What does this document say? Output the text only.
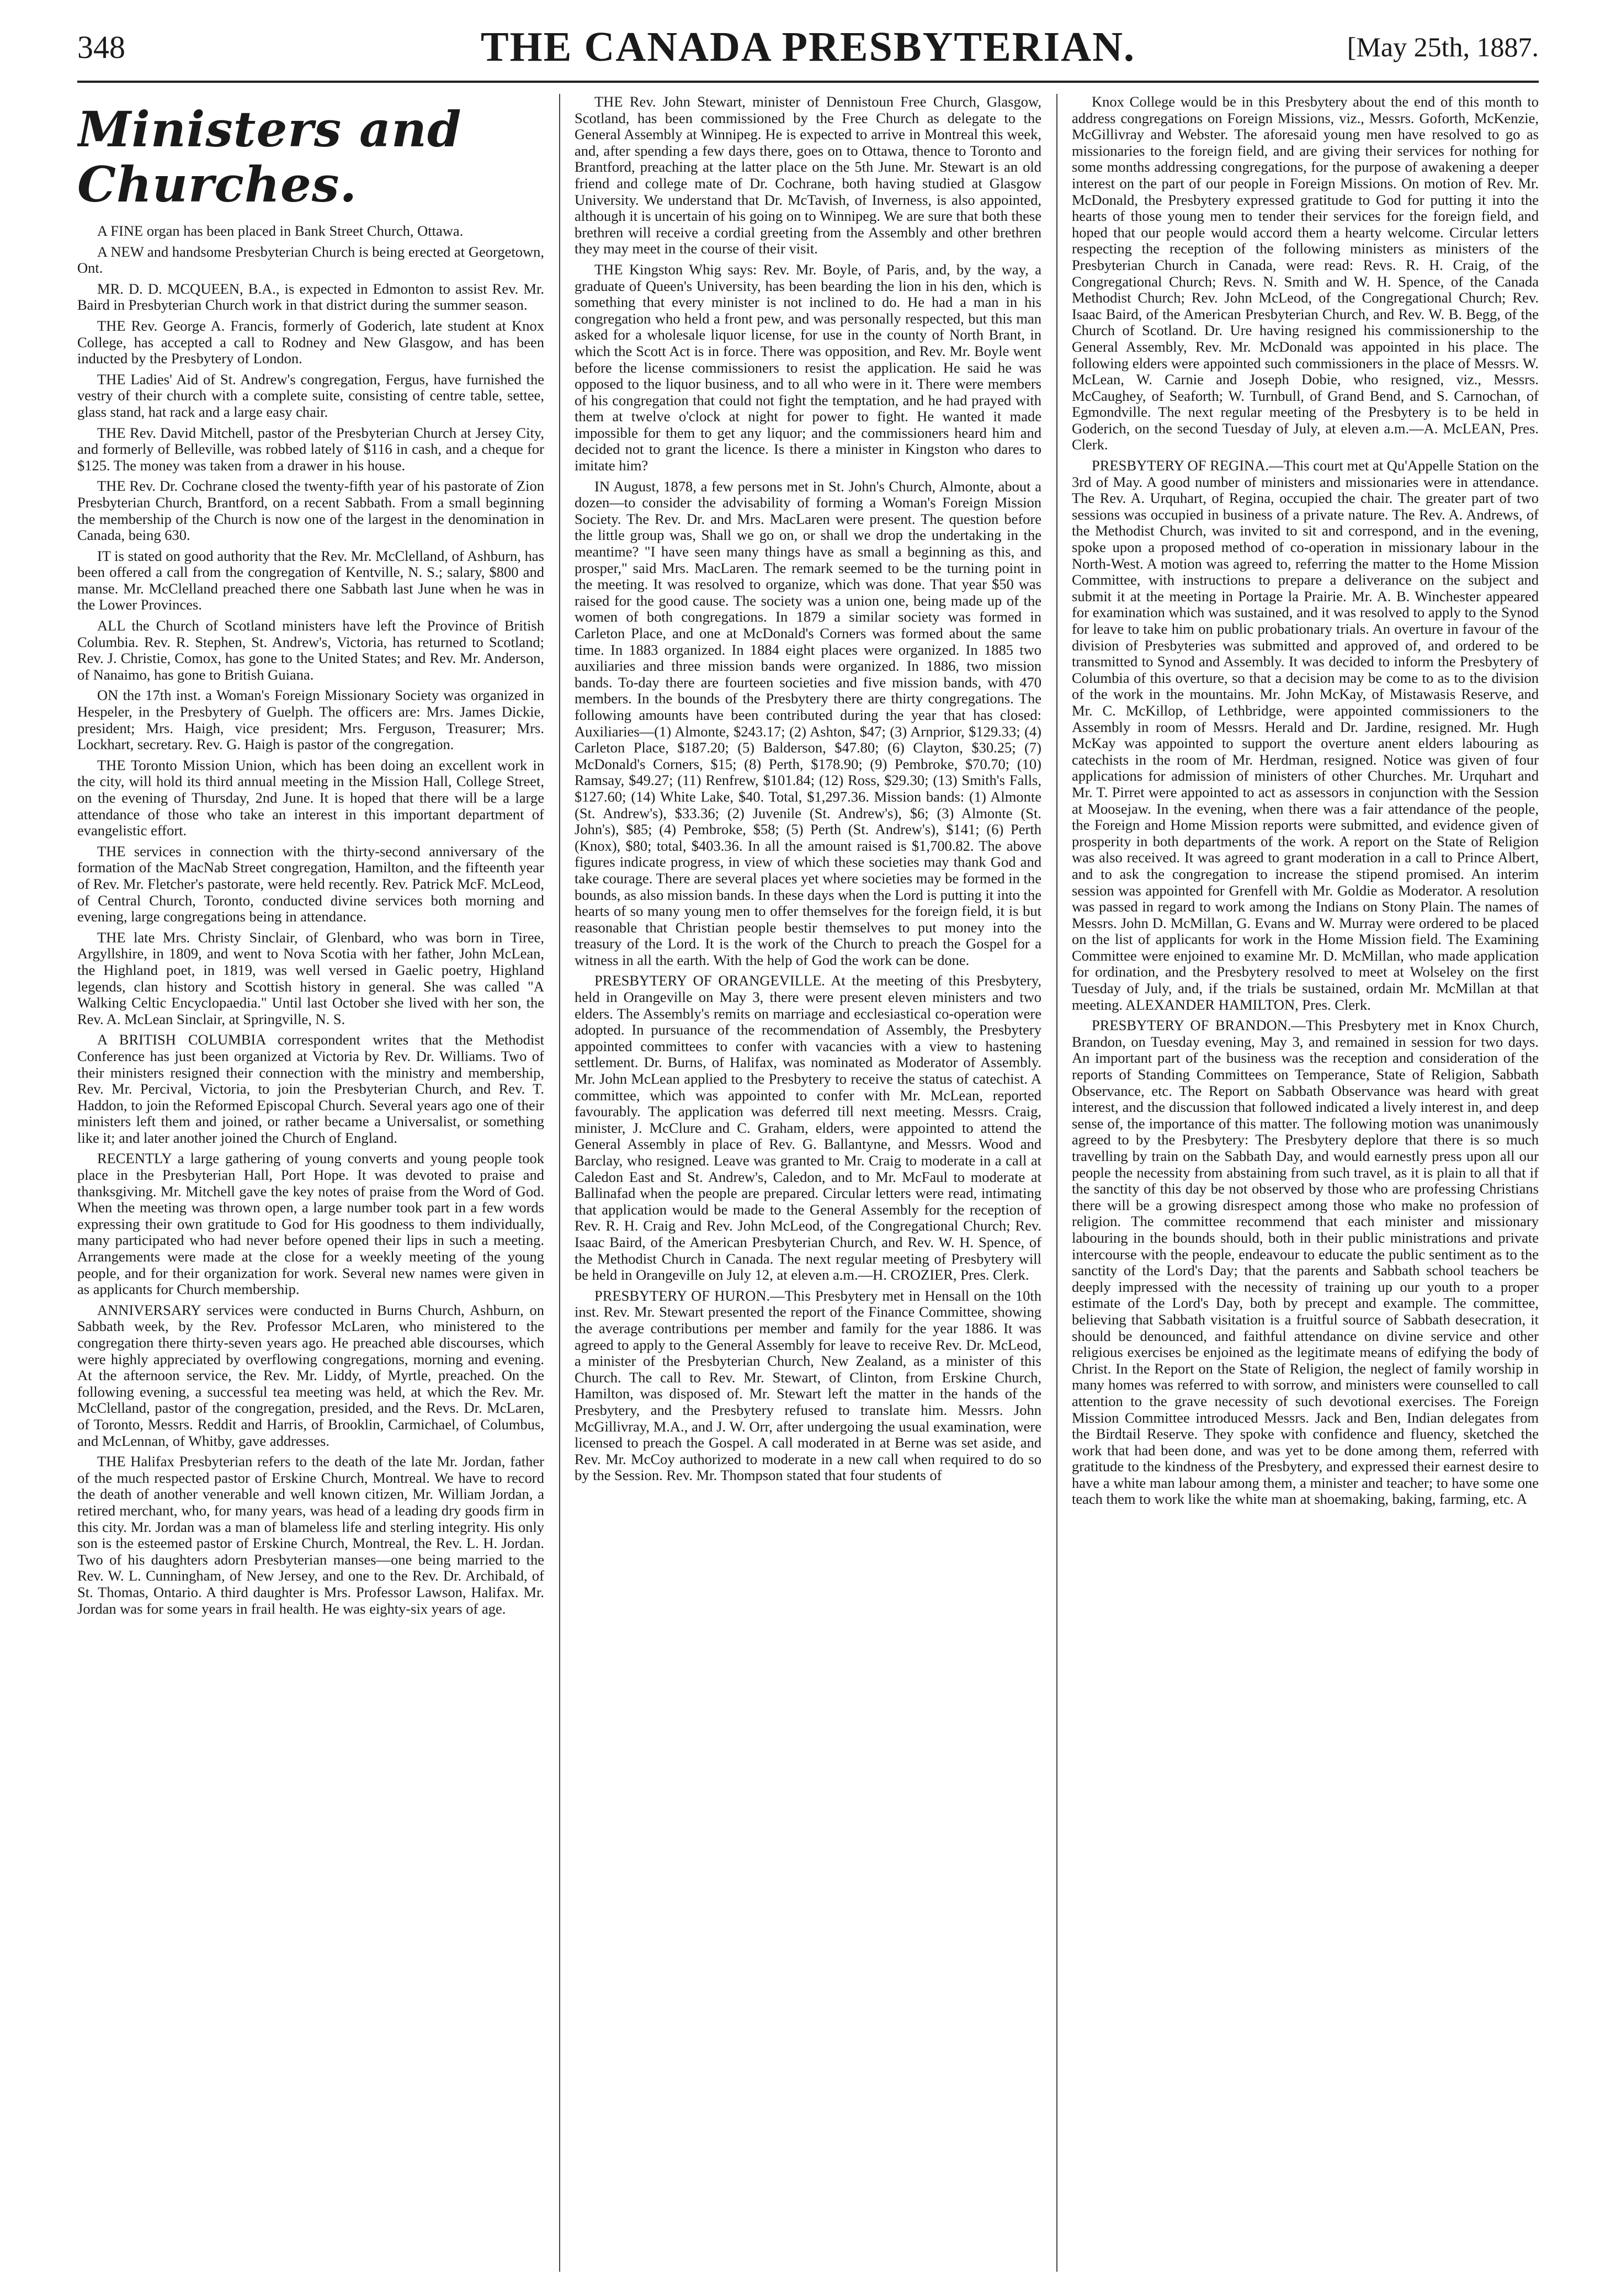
348	THE CANADA PRESBYTERIAN.	[May 25th, 1887.
Ministers and Churches.

A FINE organ has been placed in Bank Street Church, Ottawa.

A NEW and handsome Presbyterian Church is being erected at Georgetown, Ont.

MR. D. D. MCQUEEN, B.A., is expected in Edmonton to assist Rev. Mr. Baird in Presbyterian Church work in that district during the summer season.

THE Rev. George A. Francis, formerly of Goderich, late student at Knox College, has accepted a call to Rodney and New Glasgow, and has been inducted by the Presbytery of London.

THE Ladies' Aid of St. Andrew's congregation, Fergus, have furnished the vestry of their church with a complete suite, consisting of centre table, settee, glass stand, hat rack and a large easy chair.

THE Rev. David Mitchell, pastor of the Presbyterian Church at Jersey City, and formerly of Belleville, was robbed lately of $116 in cash, and a cheque for $125. The money was taken from a drawer in his house.

THE Rev. Dr. Cochrane closed the twenty-fifth year of his pastorate of Zion Presbyterian Church, Brantford, on a recent Sabbath. From a small beginning the membership of the Church is now one of the largest in the denomination in Canada, being 630.

IT is stated on good authority that the Rev. Mr. McClelland, of Ashburn, has been offered a call from the congregation of Kentville, N. S.; salary, $800 and manse. Mr. McClelland preached there one Sabbath last June when he was in the Lower Provinces.

ALL the Church of Scotland ministers have left the Province of British Columbia. Rev. R. Stephen, St. Andrew's, Victoria, has returned to Scotland; Rev. J. Christie, Comox, has gone to the United States; and Rev. Mr. Anderson, of Nanaimo, has gone to British Guiana.

ON the 17th inst. a Woman's Foreign Missionary Society was organized in Hespeler, in the Presbytery of Guelph. The officers are: Mrs. James Dickie, president; Mrs. Haigh, vice president; Mrs. Ferguson, Treasurer; Mrs. Lockhart, secretary. Rev. G. Haigh is pastor of the congregation.

THE Toronto Mission Union, which has been doing an excellent work in the city, will hold its third annual meeting in the Mission Hall, College Street, on the evening of Thursday, 2nd June. It is hoped that there will be a large attendance of those who take an interest in this important department of evangelistic effort.

THE services in connection with the thirty-second anniversary of the formation of the MacNab Street congregation, Hamilton, and the fifteenth year of Rev. Mr. Fletcher's pastorate, were held recently. Rev. Patrick McF. McLeod, of Central Church, Toronto, conducted divine services both morning and evening, large congregations being in attendance.

THE late Mrs. Christy Sinclair, of Glenbard, who was born in Tiree, Argyllshire, in 1809, and went to Nova Scotia with her father, John McLean, the Highland poet, in 1819, was well versed in Gaelic poetry, Highland legends, clan history and Scottish history in general. She was called "A Walking Celtic Encyclopaedia." Until last October she lived with her son, the Rev. A. McLean Sinclair, at Springville, N. S.

A BRITISH COLUMBIA correspondent writes that the Methodist Conference has just been organized at Victoria by Rev. Dr. Williams. Two of their ministers resigned their connection with the ministry and membership, Rev. Mr. Percival, Victoria, to join the Presbyterian Church, and Rev. T. Haddon, to join the Reformed Episcopal Church. Several years ago one of their ministers left them and joined, or rather became a Universalist, or something like it; and later another joined the Church of England.

RECENTLY a large gathering of young converts and young people took place in the Presbyterian Hall, Port Hope. It was devoted to praise and thanksgiving. Mr. Mitchell gave the key notes of praise from the Word of God. When the meeting was thrown open, a large number took part in a few words expressing their own gratitude to God for His goodness to them individually, many participated who had never before opened their lips in such a meeting. Arrangements were made at the close for a weekly meeting of the young people, and for their organization for work. Several new names were given in as applicants for Church membership.

ANNIVERSARY services were conducted in Burns Church, Ashburn, on Sabbath week, by the Rev. Professor McLaren, who ministered to the congregation there thirty-seven years ago. He preached able discourses, which were highly appreciated by overflowing congregations, morning and evening. At the afternoon service, the Rev. Mr. Liddy, of Myrtle, preached. On the following evening, a successful tea meeting was held, at which the Rev. Mr. McClelland, pastor of the congregation, presided, and the Revs. Dr. McLaren, of Toronto, Messrs. Reddit and Harris, of Brooklin, Carmichael, of Columbus, and McLennan, of Whitby, gave addresses.

THE Halifax Presbyterian refers to the death of the late Mr. Jordan, father of the much respected pastor of Erskine Church, Montreal. We have to record the death of another venerable and well known citizen, Mr. William Jordan, a retired merchant, who, for many years, was head of a leading dry goods firm in this city. Mr. Jordan was a man of blameless life and sterling integrity. His only son is the esteemed pastor of Erskine Church, Montreal, the Rev. L. H. Jordan. Two of his daughters adorn Presbyterian manses—one being married to the Rev. W. L. Cunningham, of New Jersey, and one to the Rev. Dr. Archibald, of St. Thomas, Ontario. A third daughter is Mrs. Professor Lawson, Halifax. Mr. Jordan was for some years in frail health. He was eighty-six years of age.

THE Rev. John Stewart, minister of Dennistoun Free Church, Glasgow, Scotland, has been commissioned by the Free Church as delegate to the General Assembly at Winnipeg. He is expected to arrive in Montreal this week, and, after spending a few days there, goes on to Ottawa, thence to Toronto and Brantford, preaching at the latter place on the 5th June. Mr. Stewart is an old friend and college mate of Dr. Cochrane, both having studied at Glasgow University. We understand that Dr. McTavish, of Inverness, is also appointed, although it is uncertain of his going on to Winnipeg. We are sure that both these brethren will receive a cordial greeting from the Assembly and other brethren they may meet in the course of their visit.

THE Kingston Whig says: Rev. Mr. Boyle, of Paris, and, by the way, a graduate of Queen's University, has been bearding the lion in his den, which is something that every minister is not inclined to do. He had a man in his congregation who held a front pew, and was personally respected, but this man asked for a wholesale liquor license, for use in the county of North Brant, in which the Scott Act is in force. There was opposition, and Rev. Mr. Boyle went before the license commissioners to resist the application. He said he was opposed to the liquor business, and to all who were in it. There were members of his congregation that could not fight the temptation, and he had prayed with them at twelve o'clock at night for power to fight. He wanted it made impossible for them to get any liquor; and the commissioners heard him and decided not to grant the licence. Is there a minister in Kingston who dares to imitate him?

IN August, 1878, a few persons met in St. John's Church, Almonte, about a dozen—to consider the advisability of forming a Woman's Foreign Mission Society. The Rev. Dr. and Mrs. MacLaren were present. The question before the little group was, Shall we go on, or shall we drop the undertaking in the meantime? "I have seen many things have as small a beginning as this, and prosper," said Mrs. MacLaren. The remark seemed to be the turning point in the meeting. It was resolved to organize, which was done. That year $50 was raised for the good cause. The society was a union one, being made up of the women of both congregations. In 1879 a similar society was formed in Carleton Place, and one at McDonald's Corners was formed about the same time. In 1883 organized. In 1884 eight places were organized. In 1885 two auxiliaries and three mission bands were organized. In 1886, two mission bands. To-day there are fourteen societies and five mission bands, with 470 members. In the bounds of the Presbytery there are thirty congregations. The following amounts have been contributed during the year that has closed: Auxiliaries—(1) Almonte, $243.17; (2) Ashton, $47; (3) Arnprior, $129.33; (4) Carleton Place, $187.20; (5) Balderson, $47.80; (6) Clayton, $30.25; (7) McDonald's Corners, $15; (8) Perth, $178.90; (9) Pembroke, $70.70; (10) Ramsay, $49.27; (11) Renfrew, $101.84; (12) Ross, $29.30; (13) Smith's Falls, $127.60; (14) White Lake, $40. Total, $1,297.36. Mission bands: (1) Almonte (St. Andrew's), $33.36; (2) Juvenile (St. Andrew's), $6; (3) Almonte (St. John's), $85; (4) Pembroke, $58; (5) Perth (St. Andrew's), $141; (6) Perth (Knox), $80; total, $403.36. In all the amount raised is $1,700.82. The above figures indicate progress, in view of which these societies may thank God and take courage. There are several places yet where societies may be formed in the bounds, as also mission bands. In these days when the Lord is putting it into the hearts of so many young men to offer themselves for the foreign field, it is but reasonable that Christian people bestir themselves to put money into the treasury of the Lord. It is the work of the Church to preach the Gospel for a witness in all the earth. With the help of God the work can be done.

PRESBYTERY OF ORANGEVILLE. At the meeting of this Presbytery, held in Orangeville on May 3, there were present eleven ministers and two elders. The Assembly's remits on marriage and ecclesiastical co-operation were adopted. In pursuance of the recommendation of Assembly, the Presbytery appointed committees to confer with vacancies with a view to hastening settlement. Dr. Burns, of Halifax, was nominated as Moderator of Assembly. Mr. John McLean applied to the Presbytery to receive the status of catechist. A committee, which was appointed to confer with Mr. McLean, reported favourably. The application was deferred till next meeting. Messrs. Craig, minister, J. McClure and C. Graham, elders, were appointed to attend the General Assembly in place of Rev. G. Ballantyne, and Messrs. Wood and Barclay, who resigned. Leave was granted to Mr. Craig to moderate in a call at Caledon East and St. Andrew's, Caledon, and to Mr. McFaul to moderate at Ballinafad when the people are prepared. Circular letters were read, intimating that application would be made to the General Assembly for the reception of Rev. R. H. Craig and Rev. John McLeod, of the Congregational Church; Rev. Isaac Baird, of the American Presbyterian Church, and Rev. W. H. Spence, of the Methodist Church in Canada. The next regular meeting of Presbytery will be held in Orangeville on July 12, at eleven a.m.—H. CROZIER, Pres. Clerk.

PRESBYTERY OF HURON.—This Presbytery met in Hensall on the 10th inst. Rev. Mr. Stewart presented the report of the Finance Committee, showing the average contributions per member and family for the year 1886. It was agreed to apply to the General Assembly for leave to receive Rev. Dr. McLeod, a minister of the Presbyterian Church, New Zealand, as a minister of this Church. The call to Rev. Mr. Stewart, of Clinton, from Erskine Church, Hamilton, was disposed of. Mr. Stewart left the matter in the hands of the Presbytery, and the Presbytery refused to translate him. Messrs. John McGillivray, M.A., and J. W. Orr, after undergoing the usual examination, were licensed to preach the Gospel. A call moderated in at Berne was set aside, and Rev. Mr. McCoy authorized to moderate in a new call when required to do so by the Session. Rev. Mr. Thompson stated that four students of

Knox College would be in this Presbytery about the end of this month to address congregations on Foreign Missions, viz., Messrs. Goforth, McKenzie, McGillivray and Webster. The aforesaid young men have resolved to go as missionaries to the foreign field, and are giving their services for nothing for some months addressing congregations, for the purpose of awakening a deeper interest on the part of our people in Foreign Missions. On motion of Rev. Mr. McDonald, the Presbytery expressed gratitude to God for putting it into the hearts of those young men to tender their services for the foreign field, and hoped that our people would accord them a hearty welcome. Circular letters respecting the reception of the following ministers as ministers of the Presbyterian Church in Canada, were read: Revs. R. H. Craig, of the Congregational Church; Revs. N. Smith and W. H. Spence, of the Canada Methodist Church; Rev. John McLeod, of the Congregational Church; Rev. Isaac Baird, of the American Presbyterian Church, and Rev. W. B. Begg, of the Church of Scotland. Dr. Ure having resigned his commissionership to the General Assembly, Rev. Mr. McDonald was appointed in his place. The following elders were appointed such commissioners in the place of Messrs. W. McLean, W. Carnie and Joseph Dobie, who resigned, viz., Messrs. McCaughey, of Seaforth; W. Turnbull, of Grand Bend, and S. Carnochan, of Egmondville. The next regular meeting of the Presbytery is to be held in Goderich, on the second Tuesday of July, at eleven a.m.—A. McLEAN, Pres. Clerk.

PRESBYTERY OF REGINA.—This court met at Qu'Appelle Station on the 3rd of May. A good number of ministers and missionaries were in attendance. The Rev. A. Urquhart, of Regina, occupied the chair. The greater part of two sessions was occupied in business of a private nature. The Rev. A. Andrews, of the Methodist Church, was invited to sit and correspond, and in the evening, spoke upon a proposed method of co-operation in missionary labour in the North-West. A motion was agreed to, referring the matter to the Home Mission Committee, with instructions to prepare a deliverance on the subject and submit it at the meeting in Portage la Prairie. Mr. A. B. Winchester appeared for examination which was sustained, and it was resolved to apply to the Synod for leave to take him on public probationary trials. An overture in favour of the division of Presbyteries was submitted and approved of, and ordered to be transmitted to Synod and Assembly. It was decided to inform the Presbytery of Columbia of this overture, so that a decision may be come to as to the division of the work in the mountains. Mr. John McKay, of Mistawasis Reserve, and Mr. C. McKillop, of Lethbridge, were appointed commissioners to the Assembly in room of Messrs. Herald and Dr. Jardine, resigned. Mr. Hugh McKay was appointed to support the overture anent elders labouring as catechists in the room of Mr. Herdman, resigned. Notice was given of four applications for admission of ministers of other Churches. Mr. Urquhart and Mr. T. Pirret were appointed to act as assessors in conjunction with the Session at Moosejaw. In the evening, when there was a fair attendance of the people, the Foreign and Home Mission reports were submitted, and evidence given of prosperity in both departments of the work. A report on the State of Religion was also received. It was agreed to grant moderation in a call to Prince Albert, and to ask the congregation to increase the stipend promised. An interim session was appointed for Grenfell with Mr. Goldie as Moderator. A resolution was passed in regard to work among the Indians on Stony Plain. The names of Messrs. John D. McMillan, G. Evans and W. Murray were ordered to be placed on the list of applicants for work in the Home Mission field. The Examining Committee were enjoined to examine Mr. D. McMillan, who made application for ordination, and the Presbytery resolved to meet at Wolseley on the first Tuesday of July, and, if the trials be sustained, ordain Mr. McMillan at that meeting. ALEXANDER HAMILTON, Pres. Clerk.

PRESBYTERY OF BRANDON.—This Presbytery met in Knox Church, Brandon, on Tuesday evening, May 3, and remained in session for two days. An important part of the business was the reception and consideration of the reports of Standing Committees on Temperance, State of Religion, Sabbath Observance, etc. The Report on Sabbath Observance was heard with great interest, and the discussion that followed indicated a lively interest in, and deep sense of, the importance of this matter. The following motion was unanimously agreed to by the Presbytery: The Presbytery deplore that there is so much travelling by train on the Sabbath Day, and would earnestly press upon all our people the necessity from abstaining from such travel, as it is plain to all that if the sanctity of this day be not observed by those who are professing Christians there will be a growing disrespect among those who make no profession of religion. The committee recommend that each minister and missionary labouring in the bounds should, both in their public ministrations and private intercourse with the people, endeavour to educate the public sentiment as to the sanctity of the Lord's Day; that the parents and Sabbath school teachers be deeply impressed with the necessity of training up our youth to a proper estimate of the Lord's Day, both by precept and example. The committee, believing that Sabbath visitation is a fruitful source of Sabbath desecration, it should be denounced, and faithful attendance on divine service and other religious exercises be enjoined as the legitimate means of edifying the body of Christ. In the Report on the State of Religion, the neglect of family worship in many homes was referred to with sorrow, and ministers were counselled to call attention to the grave necessity of such devotional exercises. The Foreign Mission Committee introduced Messrs. Jack and Ben, Indian delegates from the Birdtail Reserve. They spoke with confidence and fluency, sketched the work that had been done, and was yet to be done among them, referred with gratitude to the kindness of the Presbytery, and expressed their earnest desire to have a white man labour among them, a minister and teacher; to have some one teach them to work like the white man at shoemaking, baking, farming, etc. A
